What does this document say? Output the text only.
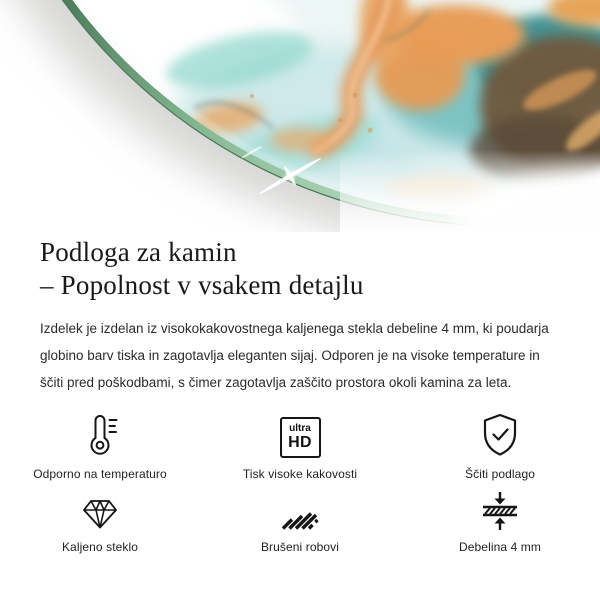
Podloga za kamin
– Popolnost v vsakem detajlu
Izdelek je izdelan iz visokokakovostnega kaljenega stekla debeline 4 mm, ki poudarja globino barv tiska in zagotavlja eleganten sijaj. Odporen je na visoke temperature in ščiti pred poškodbami, s čimer zagotavlja zaščito prostora okoli kamina za leta.
Odporno na temperaturo
ultra
HD
Tisk visoke kakovosti	Ščiti podlago
Kaljeno steklo	Brušeni robovi	Debelina 4 mm
